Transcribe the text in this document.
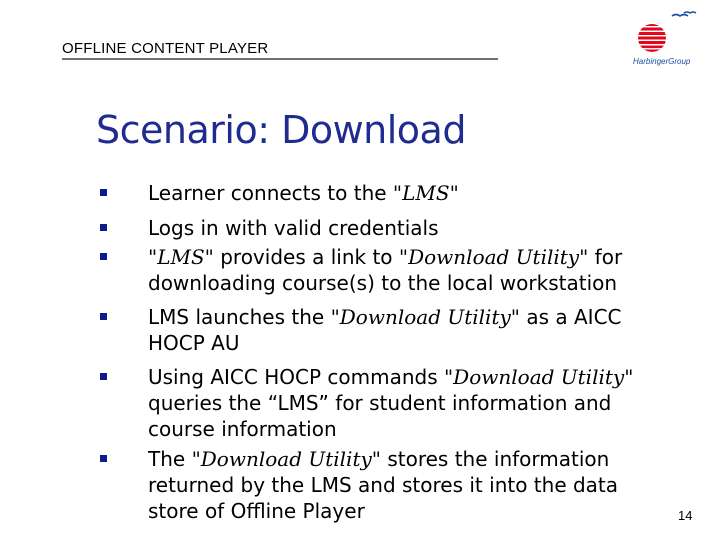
OFFLINE CONTENT PLAYER
HarbingerGroup
Scenario: Download
Learner connects to the "LMS"
Logs in with valid credentials
"LMS" provides a link to "Download Utility" for downloading course(s) to the local workstation
LMS launches the "Download Utility" as a AICC HOCP AU
Using AICC HOCP commands "Download Utility" queries the “LMS” for student information and course information
The "Download Utility" stores the information returned by the LMS and stores it into the data store of Offline Player	14
